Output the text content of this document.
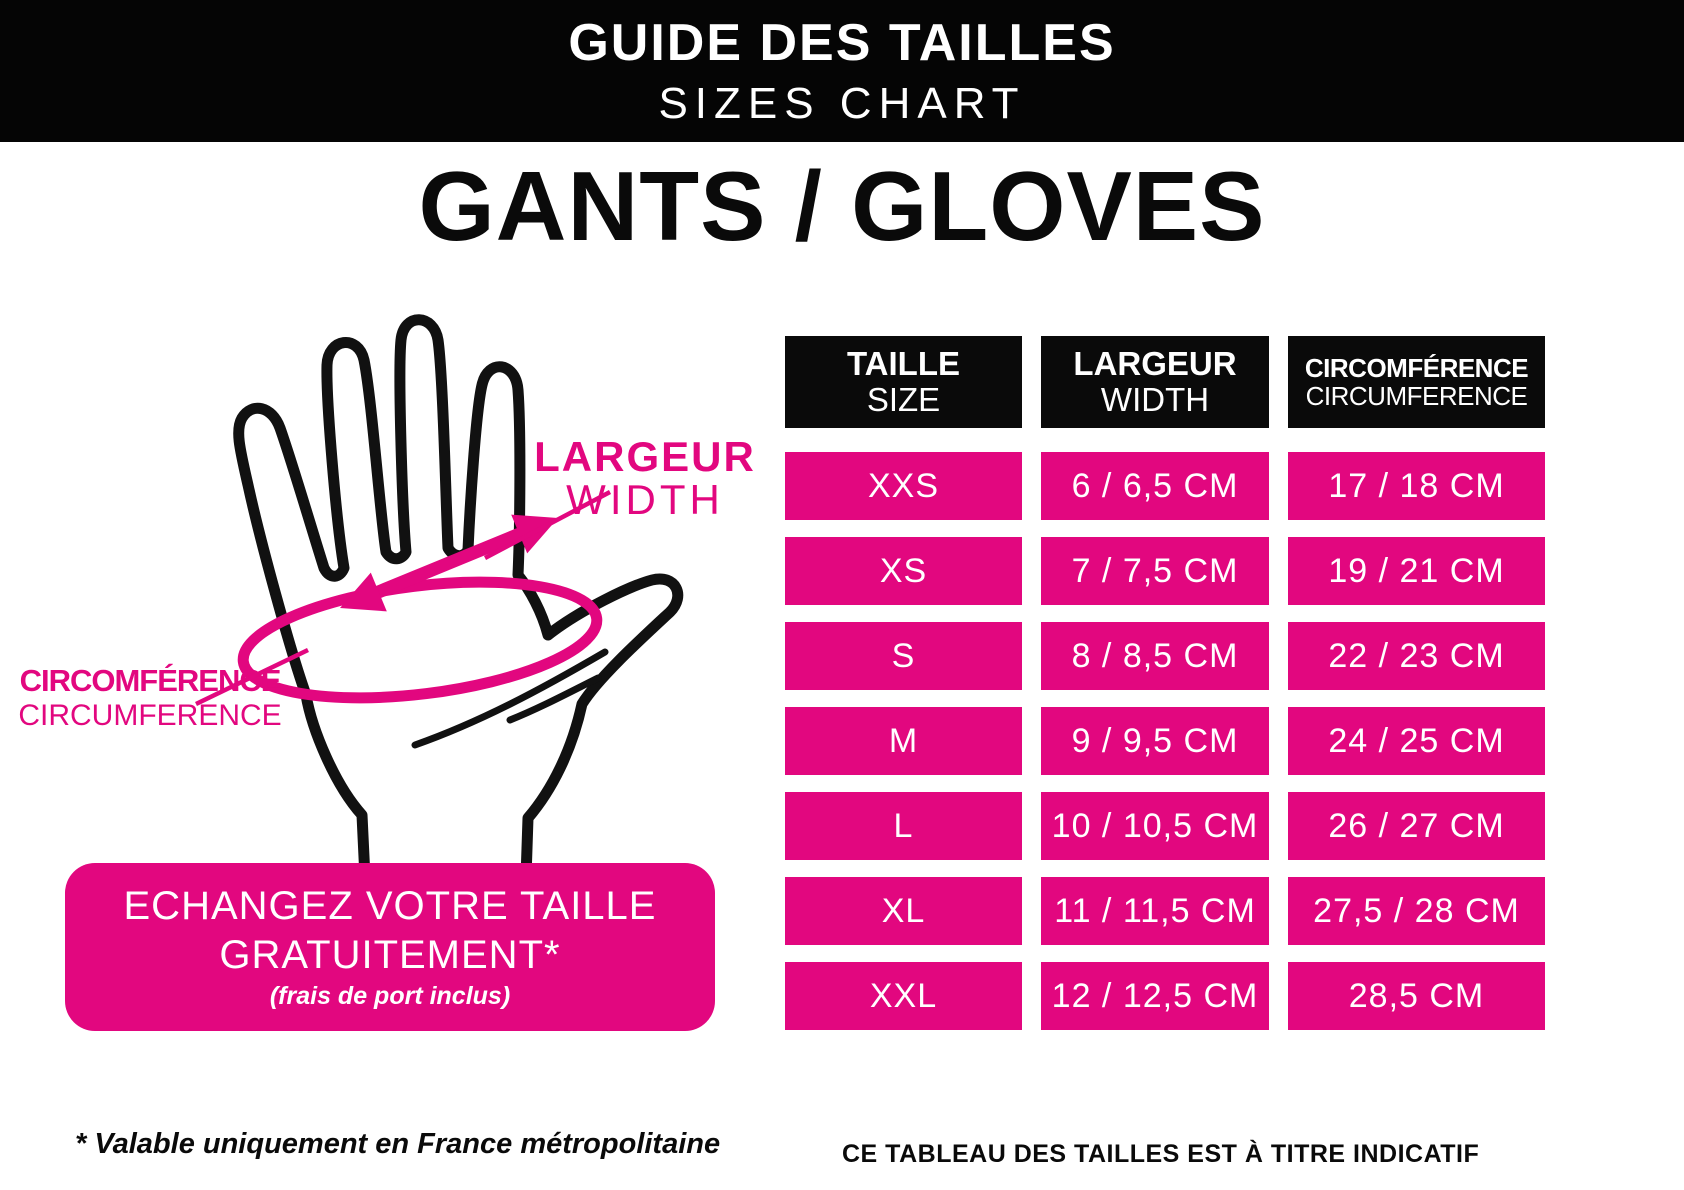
GUIDE DES TAILLES
SIZES CHART
GANTS / GLOVES
LARGEUR
WIDTH
CIRCOMFÉRENCE
CIRCUMFERENCE
ECHANGEZ VOTRE TAILLE
GRATUITEMENT*
(frais de port inclus)
* Valable uniquement en France métropolitaine	CE TABLEAU DES TAILLES EST À TITRE INDICATIF
TAILLE
SIZE
LARGEUR
WIDTH
CIRCOMFÉRENCE
CIRCUMFERENCE
XXS	6 / 6,5 CM	17 / 18 CM
XS	7 / 7,5 CM	19 / 21 CM
S	8 / 8,5 CM	22 / 23 CM
M	9 / 9,5 CM	24 / 25 CM
L	10 / 10,5 CM	26 / 27 CM
XL	11 / 11,5 CM	27,5 / 28 CM
XXL	12 / 12,5 CM	28,5 CM
